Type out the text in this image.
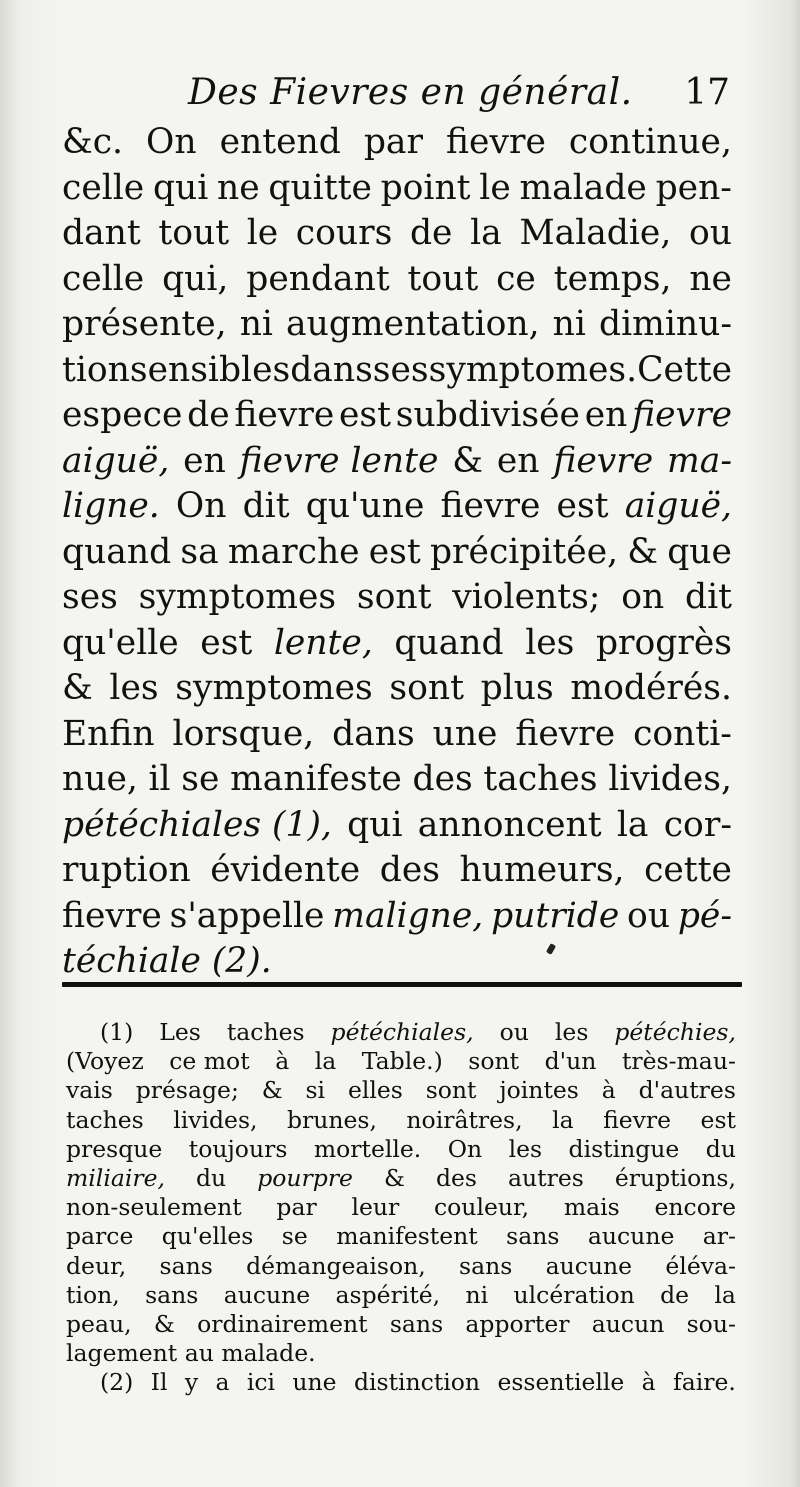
Des Fievres en général. 17
&c. On entend par fievre continue,
celle qui ne quitte point le malade pen-
dant tout le cours de la Maladie, ou
celle qui, pendant tout ce temps, ne
présente, ni augmentation, ni diminu-
tion sensibles dans ses symptomes. Cette
espece de fievre est subdivisée en fievre
aiguë, en fievre lente & en fievre ma-
ligne. On dit qu'une fievre est aiguë,
quand sa marche est précipitée, & que
ses symptomes sont violents; on dit
qu'elle est lente, quand les progrès
& les symptomes sont plus modérés.
Enfin lorsque, dans une fievre conti-
nue, il se manifeste des taches livides,
pétéchiales (1), qui annoncent la cor-
ruption évidente des humeurs, cette
fievre s'appelle maligne, putride ou pé-
téchiale (2).
(1) Les taches pétéchiales, ou les pétéchies,
(Voyez ce mot à la Table.) sont d'un très-mau-
vais présage; & si elles sont jointes à d'autres
taches livides, brunes, noirâtres, la fievre est
presque toujours mortelle. On les distingue du
miliaire, du pourpre & des autres éruptions,
non-seulement par leur couleur, mais encore
parce qu'elles se manifestent sans aucune ar-
deur, sans démangeaison, sans aucune éléva-
tion, sans aucune aspérité, ni ulcération de la
peau, & ordinairement sans apporter aucun sou-
lagement au malade.
(2) Il y a ici une distinction essentielle à faire.
